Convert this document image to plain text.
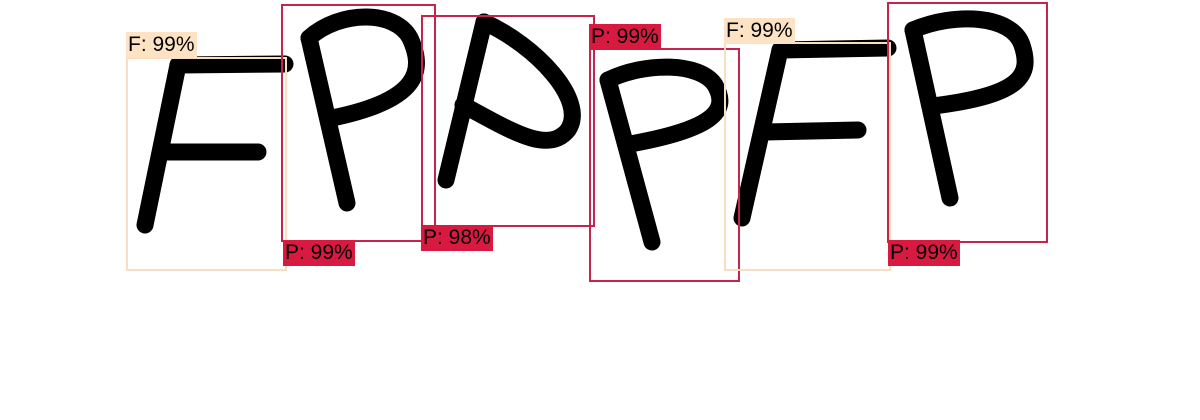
F: 99%
P: 99%
P: 98%
P: 99%	F: 99%
P: 99%
